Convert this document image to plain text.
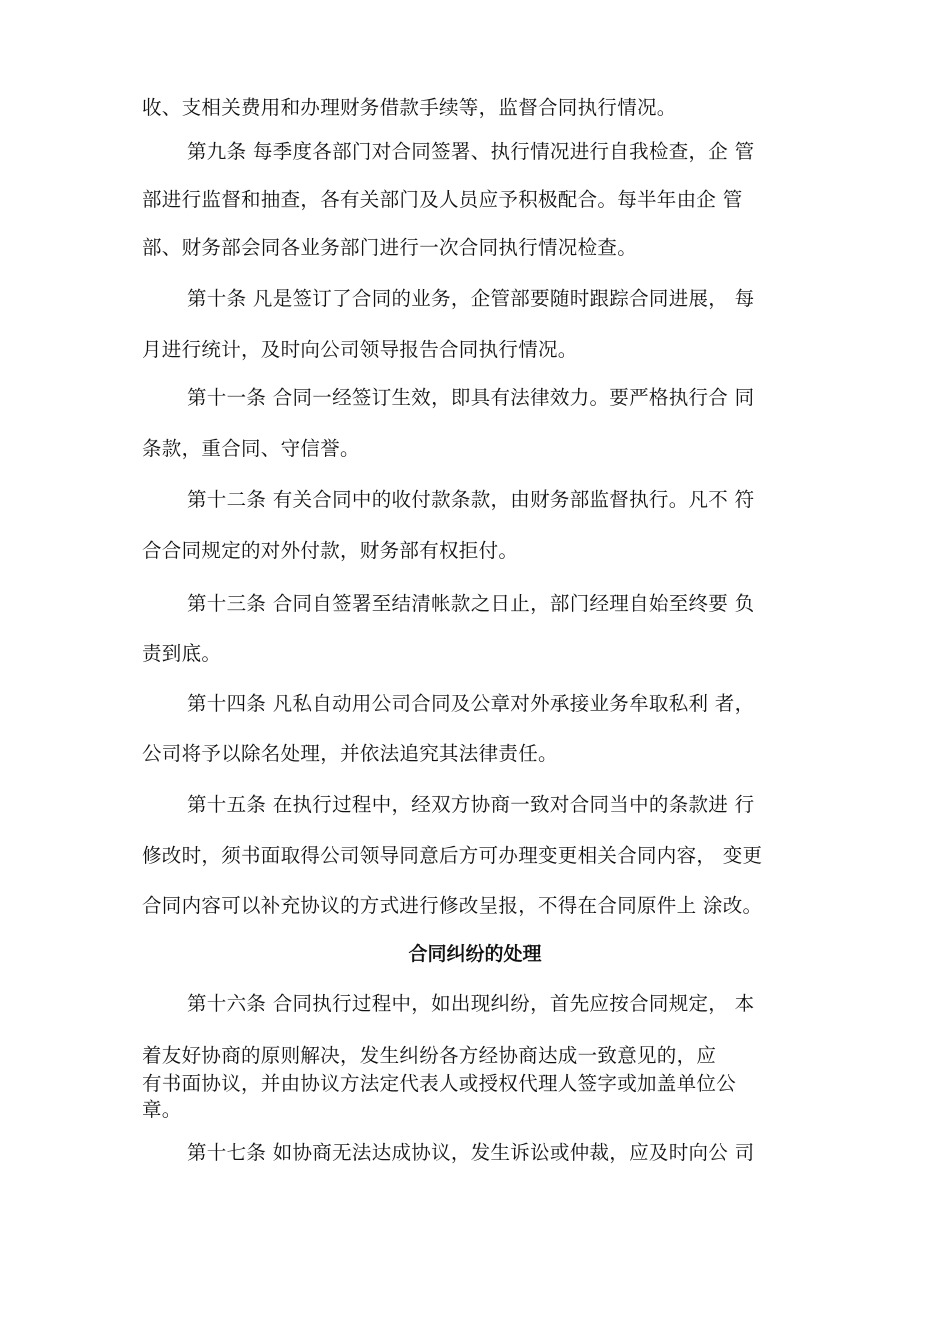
收、支相关费用和办理财务借款手续等，监督合同执行情况。
第九条 每季度各部门对合同签署、执行情况进行自我检查，企 管
部进行监督和抽查，各有关部门及人员应予积极配合。每半年由企 管
部、财务部会同各业务部门进行一次合同执行情况检查。
第十条 凡是签订了合同的业务，企管部要随时跟踪合同进展， 每
月进行统计，及时向公司领导报告合同执行情况。
第十一条 合同一经签订生效，即具有法律效力。要严格执行合 同
条款，重合同、守信誉。
第十二条 有关合同中的收付款条款，由财务部监督执行。凡不 符
合合同规定的对外付款，财务部有权拒付。
第十三条 合同自签署至结清帐款之日止，部门经理自始至终要 负
责到底。
第十四条 凡私自动用公司合同及公章对外承接业务牟取私利 者，
公司将予以除名处理，并依法追究其法律责任。
第十五条 在执行过程中，经双方协商一致对合同当中的条款进 行
修改时，须书面取得公司领导同意后方可办理变更相关合同内容， 变更
合同内容可以补充协议的方式进行修改呈报，不得在合同原件上 涂改。
合同纠纷的处理
第十六条 合同执行过程中，如出现纠纷，首先应按合同规定， 本
着友好协商的原则解决，发生纠纷各方经协商达成一致意见的，应
有书面协议，并由协议方法定代表人或授权代理人签字或加盖单位公
章。
第十七条 如协商无法达成协议，发生诉讼或仲裁，应及时向公 司
